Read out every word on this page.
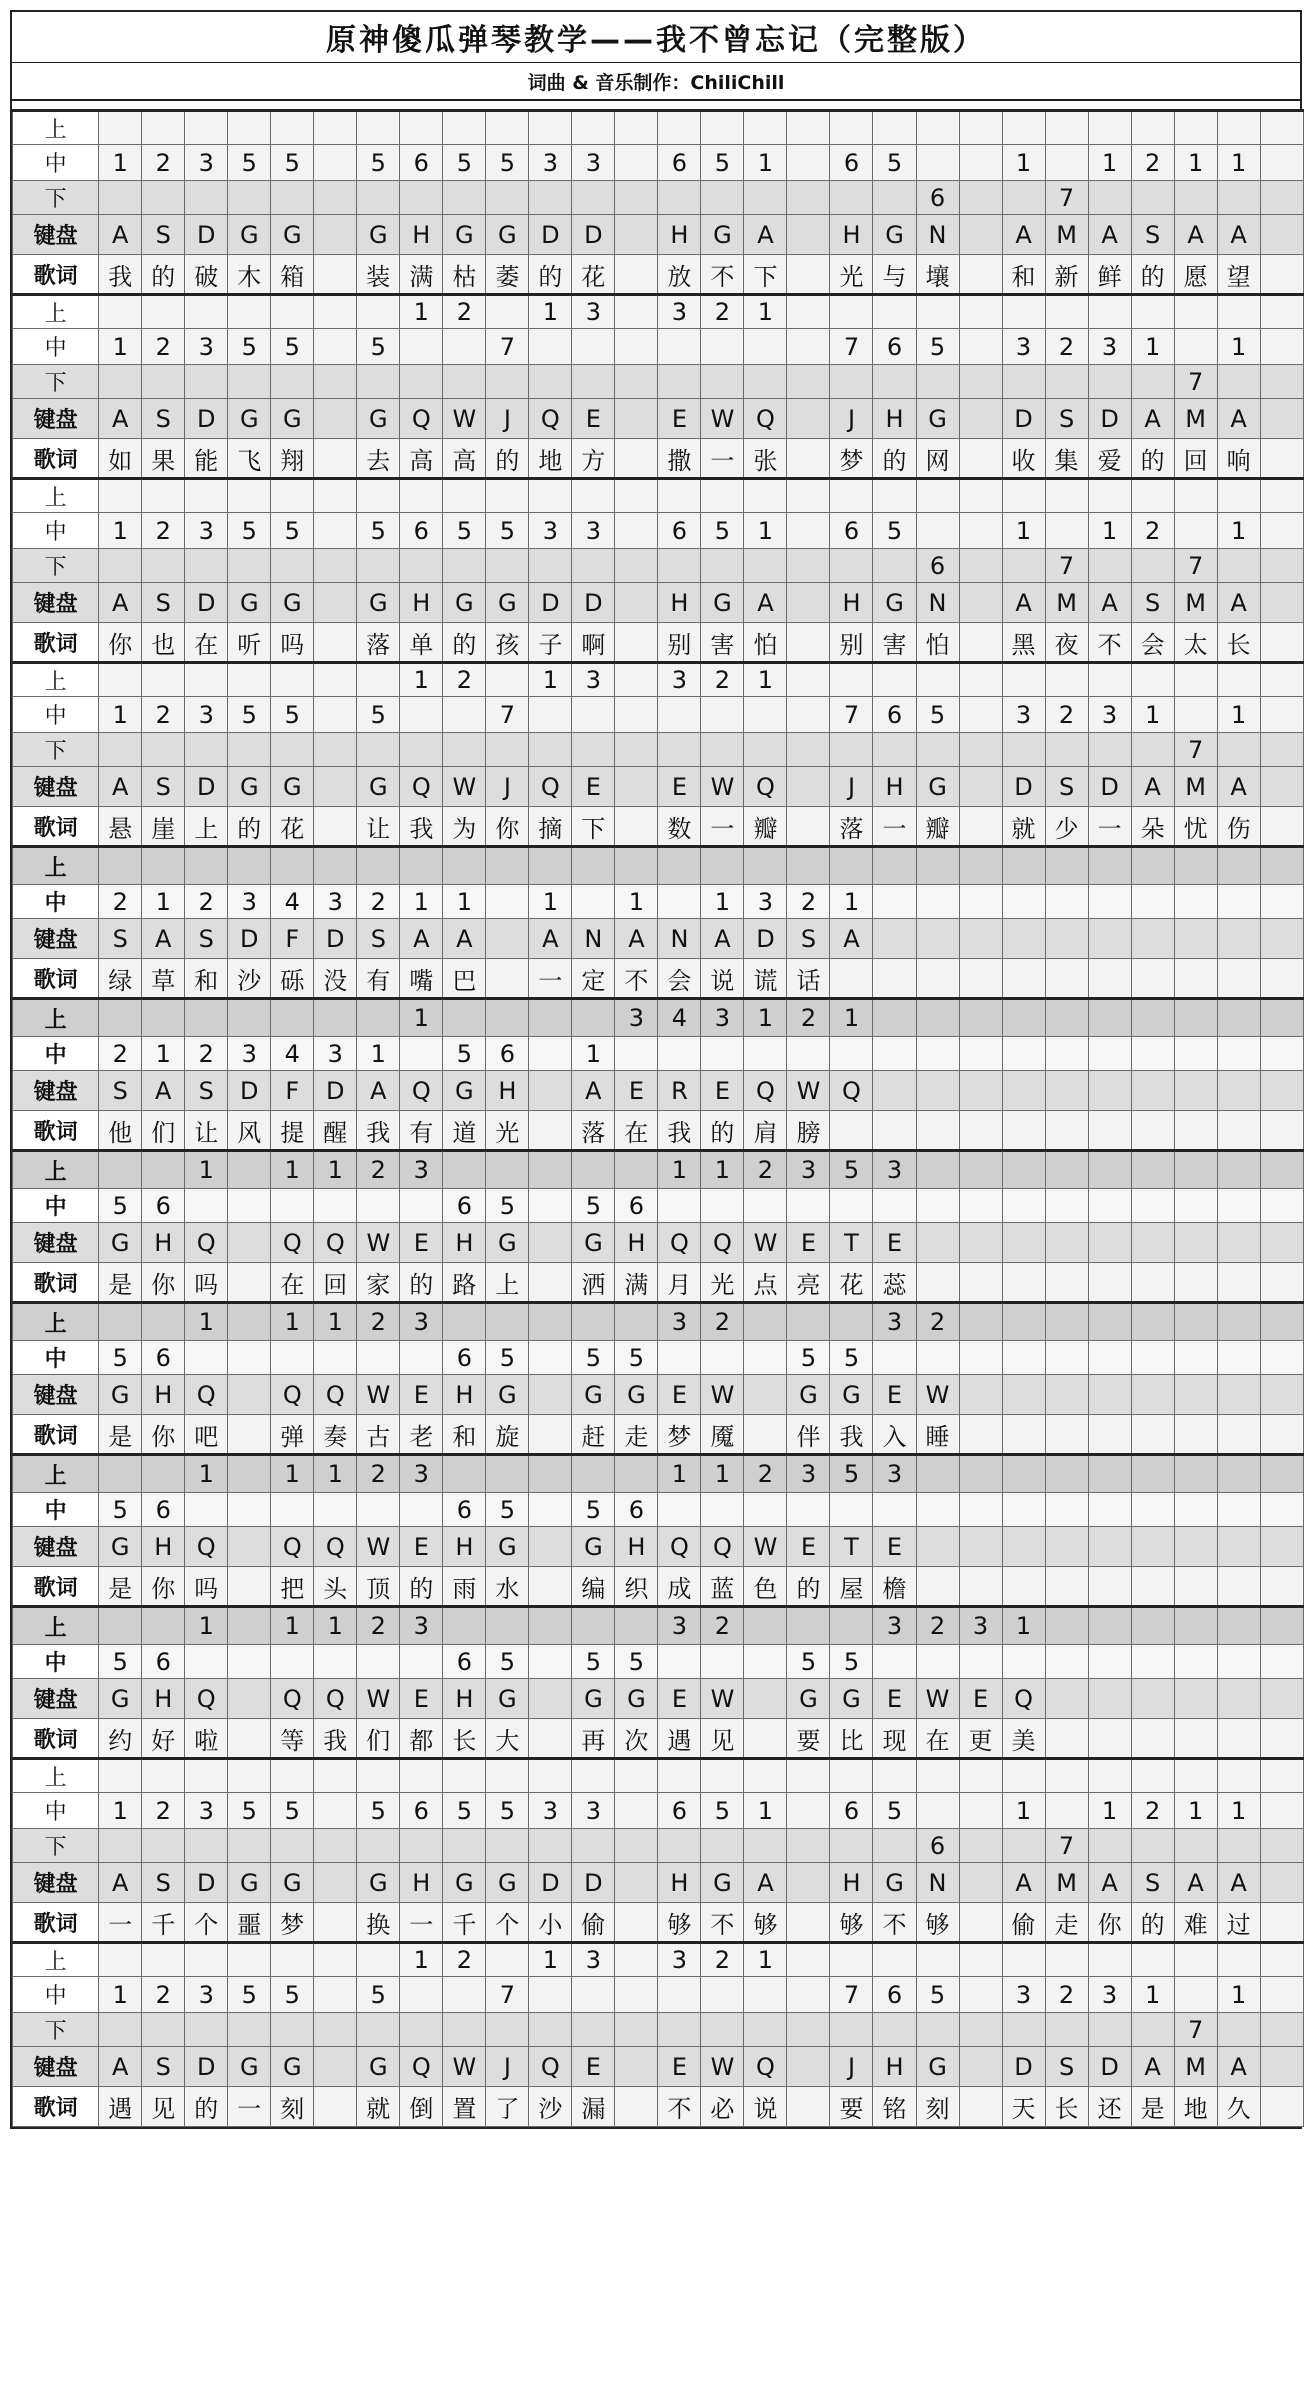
原神傻瓜弹琴教学——我不曾忘记（完整版）
词曲 & 音乐制作：ChiliChill
上																												
中	1	2	3	5	5		5	6	5	5	3	3		6	5	1		6	5			1		1	2	1	1	
下																				6			7					
键盘	A	S	D	G	G		G	H	G	G	D	D		H	G	A		H	G	N		A	M	A	S	A	A	
歌词	我	的	破	木	箱		装	满	枯	萎	的	花		放	不	下		光	与	壤		和	新	鲜	的	愿	望	
上								1	2		1	3		3	2	1												
中	1	2	3	5	5		5			7								7	6	5		3	2	3	1		1	
下																										7		
键盘	A	S	D	G	G		G	Q	W	J	Q	E		E	W	Q		J	H	G		D	S	D	A	M	A	
歌词	如	果	能	飞	翔		去	高	高	的	地	方		撒	一	张		梦	的	网		收	集	爱	的	回	响	
上																												
中	1	2	3	5	5		5	6	5	5	3	3		6	5	1		6	5			1		1	2		1	
下																				6			7			7		
键盘	A	S	D	G	G		G	H	G	G	D	D		H	G	A		H	G	N		A	M	A	S	M	A	
歌词	你	也	在	听	吗		落	单	的	孩	子	啊		别	害	怕		别	害	怕		黑	夜	不	会	太	长	
上								1	2		1	3		3	2	1												
中	1	2	3	5	5		5			7								7	6	5		3	2	3	1		1	
下																										7		
键盘	A	S	D	G	G		G	Q	W	J	Q	E		E	W	Q		J	H	G		D	S	D	A	M	A	
歌词	悬	崖	上	的	花		让	我	为	你	摘	下		数	一	瓣		落	一	瓣		就	少	一	朵	忧	伤	
上																												
中	2	1	2	3	4	3	2	1	1		1		1		1	3	2	1										
键盘	S	A	S	D	F	D	S	A	A		A	N	A	N	A	D	S	A										
歌词	绿	草	和	沙	砾	没	有	嘴	巴		一	定	不	会	说	谎	话											
上								1					3	4	3	1	2	1										
中	2	1	2	3	4	3	1		5	6		1																
键盘	S	A	S	D	F	D	A	Q	G	H		A	E	R	E	Q	W	Q										
歌词	他	们	让	风	提	醒	我	有	道	光		落	在	我	的	肩	膀											
上			1		1	1	2	3						1	1	2	3	5	3									
中	5	6							6	5		5	6															
键盘	G	H	Q		Q	Q	W	E	H	G		G	H	Q	Q	W	E	T	E									
歌词	是	你	吗		在	回	家	的	路	上		洒	满	月	光	点	亮	花	蕊									
上			1		1	1	2	3						3	2				3	2								
中	5	6							6	5		5	5				5	5										
键盘	G	H	Q		Q	Q	W	E	H	G		G	G	E	W		G	G	E	W								
歌词	是	你	吧		弹	奏	古	老	和	旋		赶	走	梦	魇		伴	我	入	睡								
上			1		1	1	2	3						1	1	2	3	5	3									
中	5	6							6	5		5	6															
键盘	G	H	Q		Q	Q	W	E	H	G		G	H	Q	Q	W	E	T	E									
歌词	是	你	吗		把	头	顶	的	雨	水		编	织	成	蓝	色	的	屋	檐									
上			1		1	1	2	3						3	2				3	2	3	1						
中	5	6							6	5		5	5				5	5										
键盘	G	H	Q		Q	Q	W	E	H	G		G	G	E	W		G	G	E	W	E	Q						
歌词	约	好	啦		等	我	们	都	长	大		再	次	遇	见		要	比	现	在	更	美						
上																												
中	1	2	3	5	5		5	6	5	5	3	3		6	5	1		6	5			1		1	2	1	1	
下																				6			7					
键盘	A	S	D	G	G		G	H	G	G	D	D		H	G	A		H	G	N		A	M	A	S	A	A	
歌词	一	千	个	噩	梦		换	一	千	个	小	偷		够	不	够		够	不	够		偷	走	你	的	难	过	
上								1	2		1	3		3	2	1												
中	1	2	3	5	5		5			7								7	6	5		3	2	3	1		1	
下																										7		
键盘	A	S	D	G	G		G	Q	W	J	Q	E		E	W	Q		J	H	G		D	S	D	A	M	A	
歌词	遇	见	的	一	刻		就	倒	置	了	沙	漏		不	必	说		要	铭	刻		天	长	还	是	地	久	
